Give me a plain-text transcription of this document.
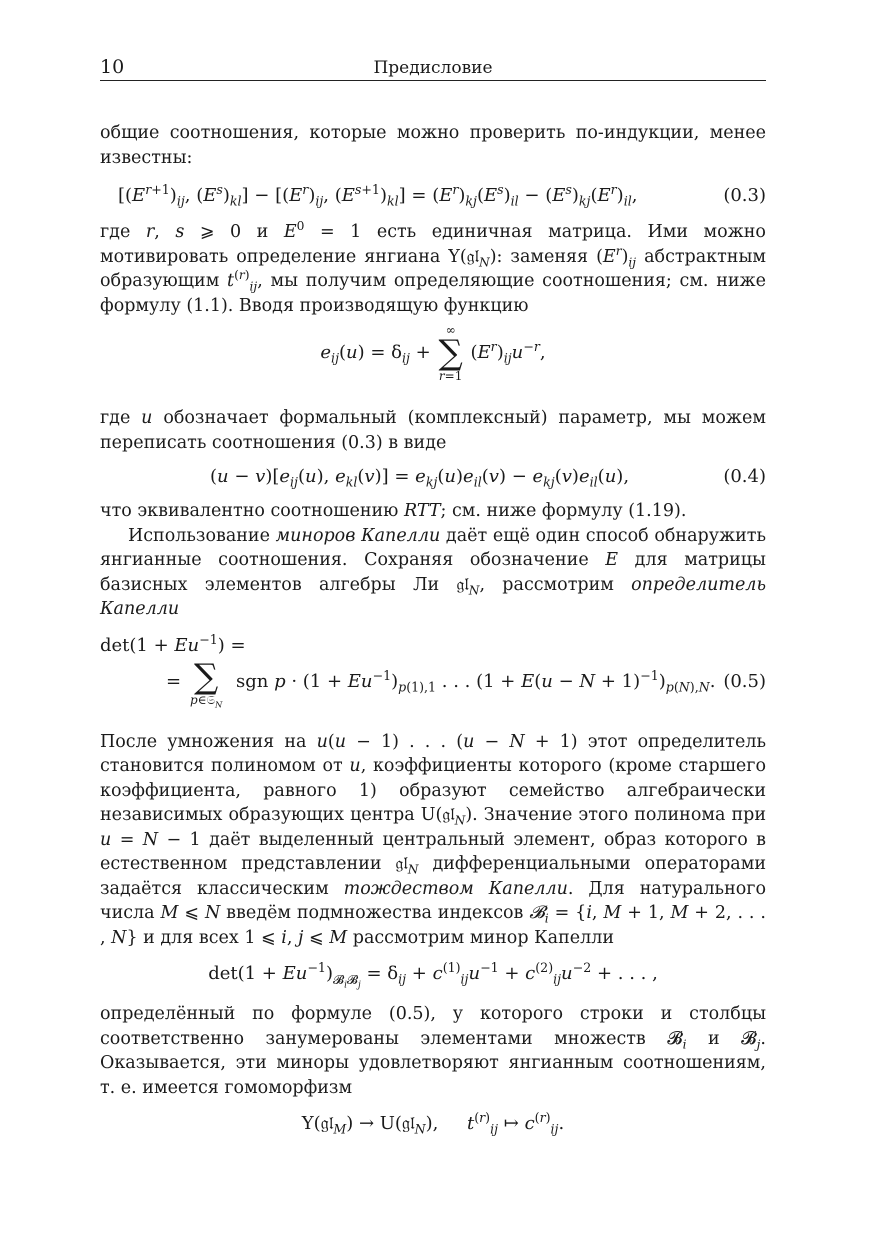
10	Предисловие

общие соотношения, которые можно проверить по-индукции, менее известны:

[$(E^{r+1})_{ij}$, $(E^s)_{kl}] - [(E^r)_{ij}$, $(E^{s+1})_{kl}] = (E^r)_{kj}(E^s)_{il} - (E^s)_{kj}(E^r)_{il}$,	(0.3)

где r, s ⩾ 0 и $E^0 = 1$ есть единичная матрица. Ими можно мотивировать определение янгиана Y(𝔤𝔩$_N$): заменяя $(E^r)_{ij}$ абстрактным образующим $t^{(r)}_{ij}$, мы получим определяющие соотношения; см. ниже формулу (1.1). Вводя производящую функцию

$e_{ij}(u) = \delta_{ij}$ +
∞
∑
r=1
$(E^r)_{ij}u^{-r}$,

где u обозначает формальный (комплексный) параметр, мы можем переписать соотношения (0.3) в виде

$(u - v)[e_{ij}(u)$, $e_{kl}(v)] = e_{kj}(u)e_{il}(v) - e_{kj}(v)e_{il}(u)$,	(0.4)

что эквивалентно соотношению RTT; см. ниже формулу (1.19).

Использование миноров Капелли даёт ещё один способ обнаружить янгианные соотношения. Сохраняя обозначение E для матрицы базисных элементов алгебры Ли 𝔤𝔩$_N$, рассмотрим определитель Капелли

$\det(1 + Eu^{-1})$ =
= ∑
p∈𝔖$_N$
sgn $p \cdot (1 + Eu^{-1})_{p(1),1}$ . . . $(1 + E(u - N + 1)^{-1})_{p(N),N}$. (0.5)

После умножения на u(u − 1) . . . (u − N + 1) этот определитель становится полиномом от u, коэффициенты которого (кроме старшего коэффициента, равного 1) образуют семейство алгебраически независимых образующих центра U(𝔤𝔩$_N$). Значение этого полинома при u = N − 1 даёт выделенный центральный элемент, образ которого в естественном представлении 𝔤𝔩$_N$ дифференциальными операторами задаётся классическим тождеством Капелли. Для натурального числа M ⩽ N введём подмножества индексов 𝓑$_i$ = {i, M + 1, M + 2, . . . , N} и для всех 1 ⩽ i, j ⩽ M рассмотрим минор Капелли

$\det(1 + Eu^{-1})_{𝓑_i𝓑_j} = \delta_{ij} + c^{(1)}_{ij}u^{-1} + c^{(2)}_{ij}u^{-2}$ + . . . ,

определённый по формуле (0.5), у которого строки и столбцы соответственно занумерованы элементами множеств 𝓑$_i$ и 𝓑$_j$. Оказывается, эти миноры удовлетворяют янгианным соотношениям, т. е. имеется гомоморфизм

Y(𝔤𝔩$_M$) → U(𝔤𝔩$_N$),     $t^{(r)}_{ij}$ ↦ $c^{(r)}_{ij}$.
